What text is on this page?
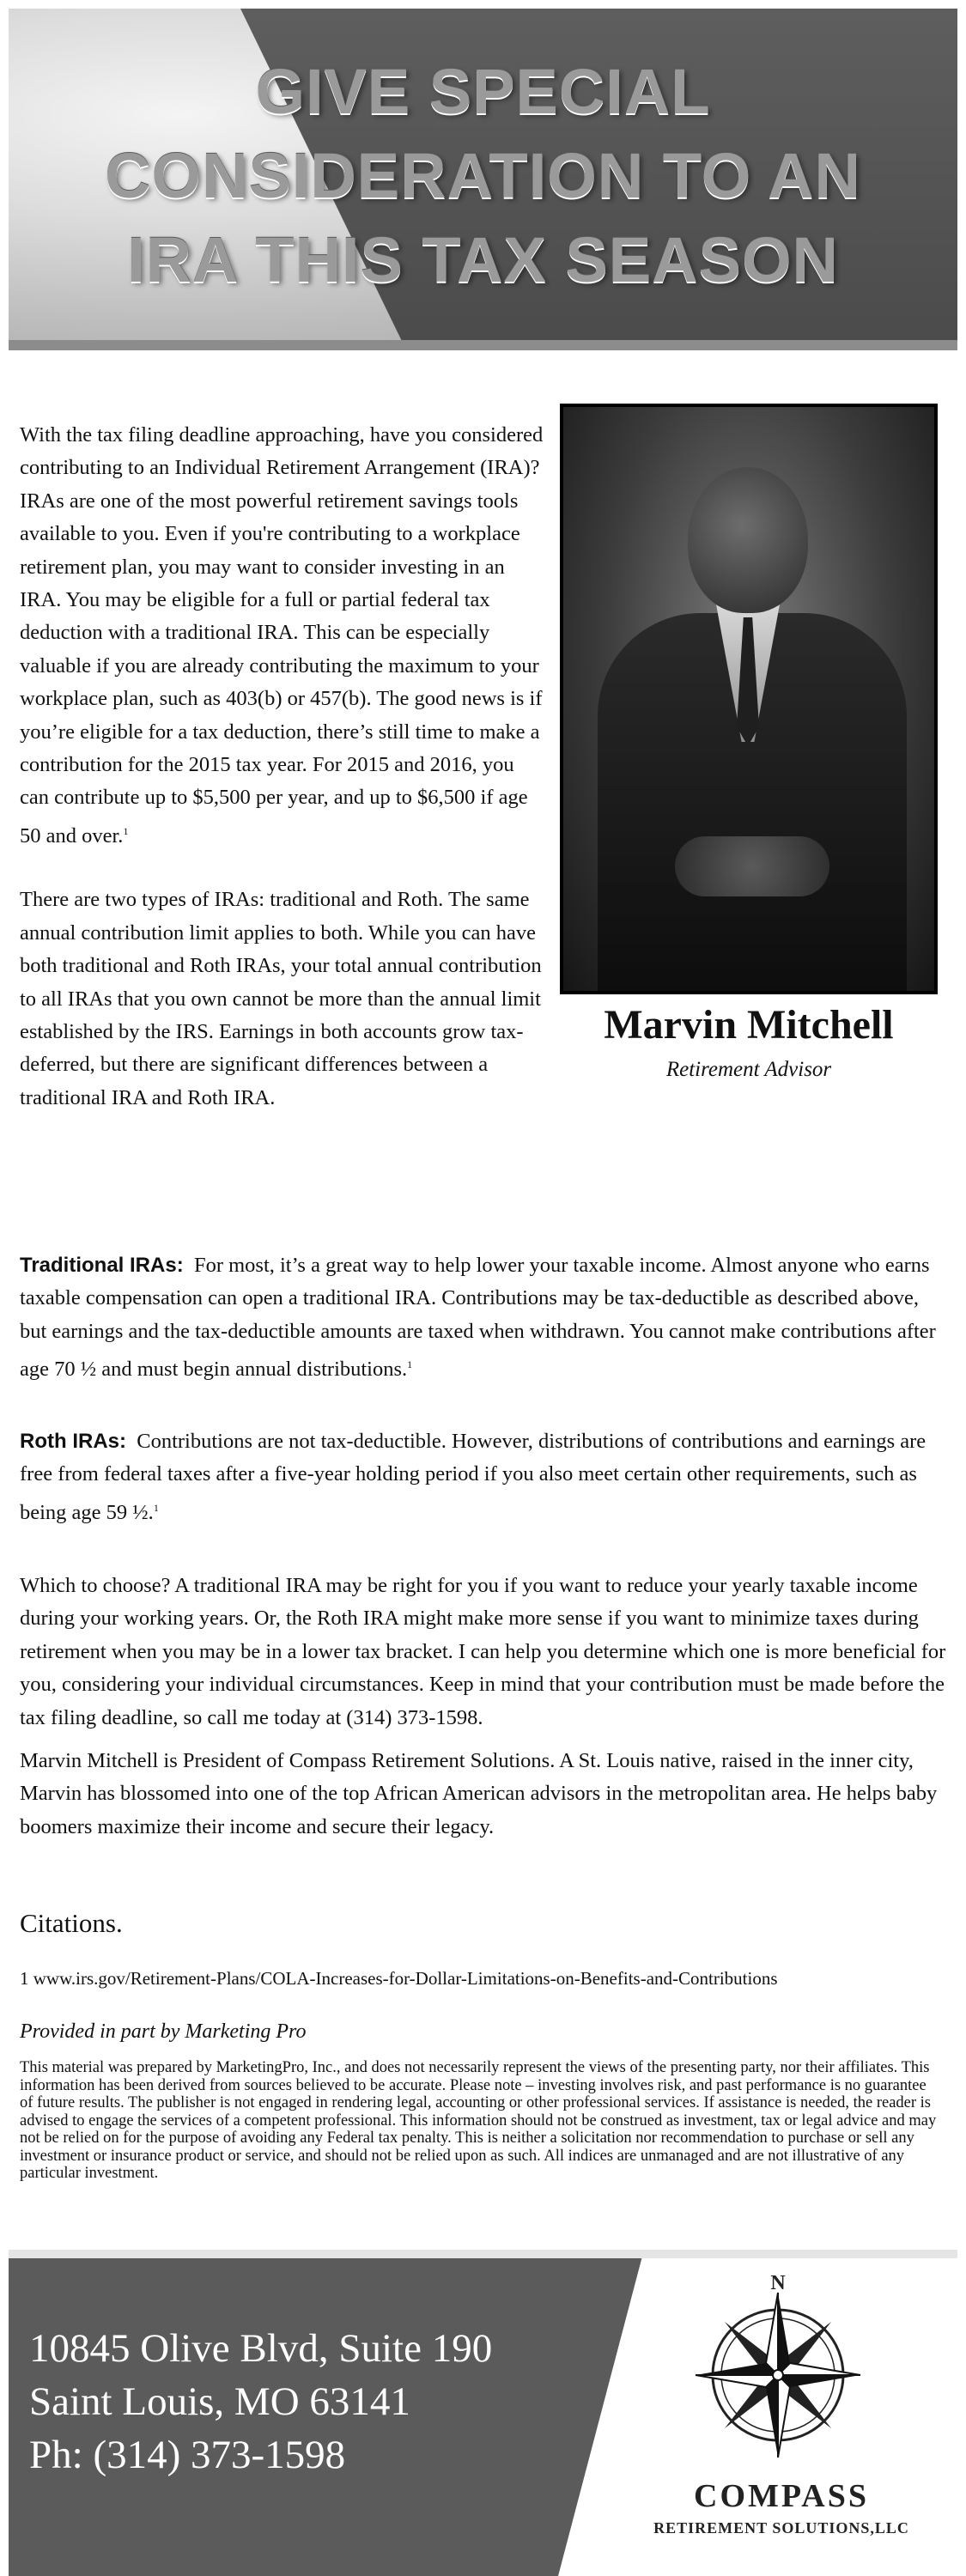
GIVE SPECIAL
CONSIDERATION TO AN
IRA THIS TAX SEASON

With the tax filing deadline approaching, have you considered contributing to an Individual Retirement Arrangement (IRA)? IRAs are one of the most powerful retirement savings tools available to you. Even if you're contributing to a workplace retirement plan, you may want to consider investing in an IRA. You may be eligible for a full or partial federal tax deduction with a traditional IRA. This can be especially valuable if you are already contributing the maximum to your workplace plan, such as 403(b) or 457(b). The good news is if you’re eligible for a tax deduction, there’s still time to make a contribution for the 2015 tax year. For 2015 and 2016, you can contribute up to $5,500 per year, and up to $6,500 if age 50 and over.$^1$

There are two types of IRAs: traditional and Roth. The same annual contribution limit applies to both. While you can have both traditional and Roth IRAs, your total annual contribution to all IRAs that you own cannot be more than the annual limit established by the IRS. Earnings in both accounts grow tax-deferred, but there are significant differences between a traditional IRA and Roth IRA.

Marvin Mitchell
Retirement Advisor

Traditional IRAs: For most, it’s a great way to help lower your taxable income. Almost anyone who earns taxable compensation can open a traditional IRA. Contributions may be tax-deductible as described above, but earnings and the tax-deductible amounts are taxed when withdrawn. You cannot make contributions after age 70 ½ and must begin annual distributions.$^1$

Roth IRAs: Contributions are not tax-deductible. However, distributions of contributions and earnings are free from federal taxes after a five-year holding period if you also meet certain other requirements, such as being age 59 ½.$^1$

Which to choose? A traditional IRA may be right for you if you want to reduce your yearly taxable income during your working years. Or, the Roth IRA might make more sense if you want to minimize taxes during retirement when you may be in a lower tax bracket. I can help you determine which one is more beneficial for you, considering your individual circumstances. Keep in mind that your contribution must be made before the tax filing deadline, so call me today at (314) 373-1598.

Marvin Mitchell is President of Compass Retirement Solutions. A St. Louis native, raised in the inner city, Marvin has blossomed into one of the top African American advisors in the metropolitan area. He helps baby boomers maximize their income and secure their legacy.

Citations.

1 www.irs.gov/Retirement-Plans/COLA-Increases-for-Dollar-Limitations-on-Benefits-and-Contributions

Provided in part by Marketing Pro

This material was prepared by MarketingPro, Inc., and does not necessarily represent the views of the presenting party, nor their affiliates. This information has been derived from sources believed to be accurate. Please note – investing involves risk, and past performance is no guarantee of future results. The publisher is not engaged in rendering legal, accounting or other professional services. If assistance is needed, the reader is advised to engage the services of a competent professional. This information should not be construed as investment, tax or legal advice and may not be relied on for the purpose of avoiding any Federal tax penalty. This is neither a solicitation nor recommendation to purchase or sell any investment or insurance product or service, and should not be relied upon as such. All indices are unmanaged and are not illustrative of any particular investment.

10845 Olive Blvd, Suite 190
Saint Louis, MO 63141
Ph: (314) 373-1598
N
COMPASS
RETIREMENT SOLUTIONS,LLC
